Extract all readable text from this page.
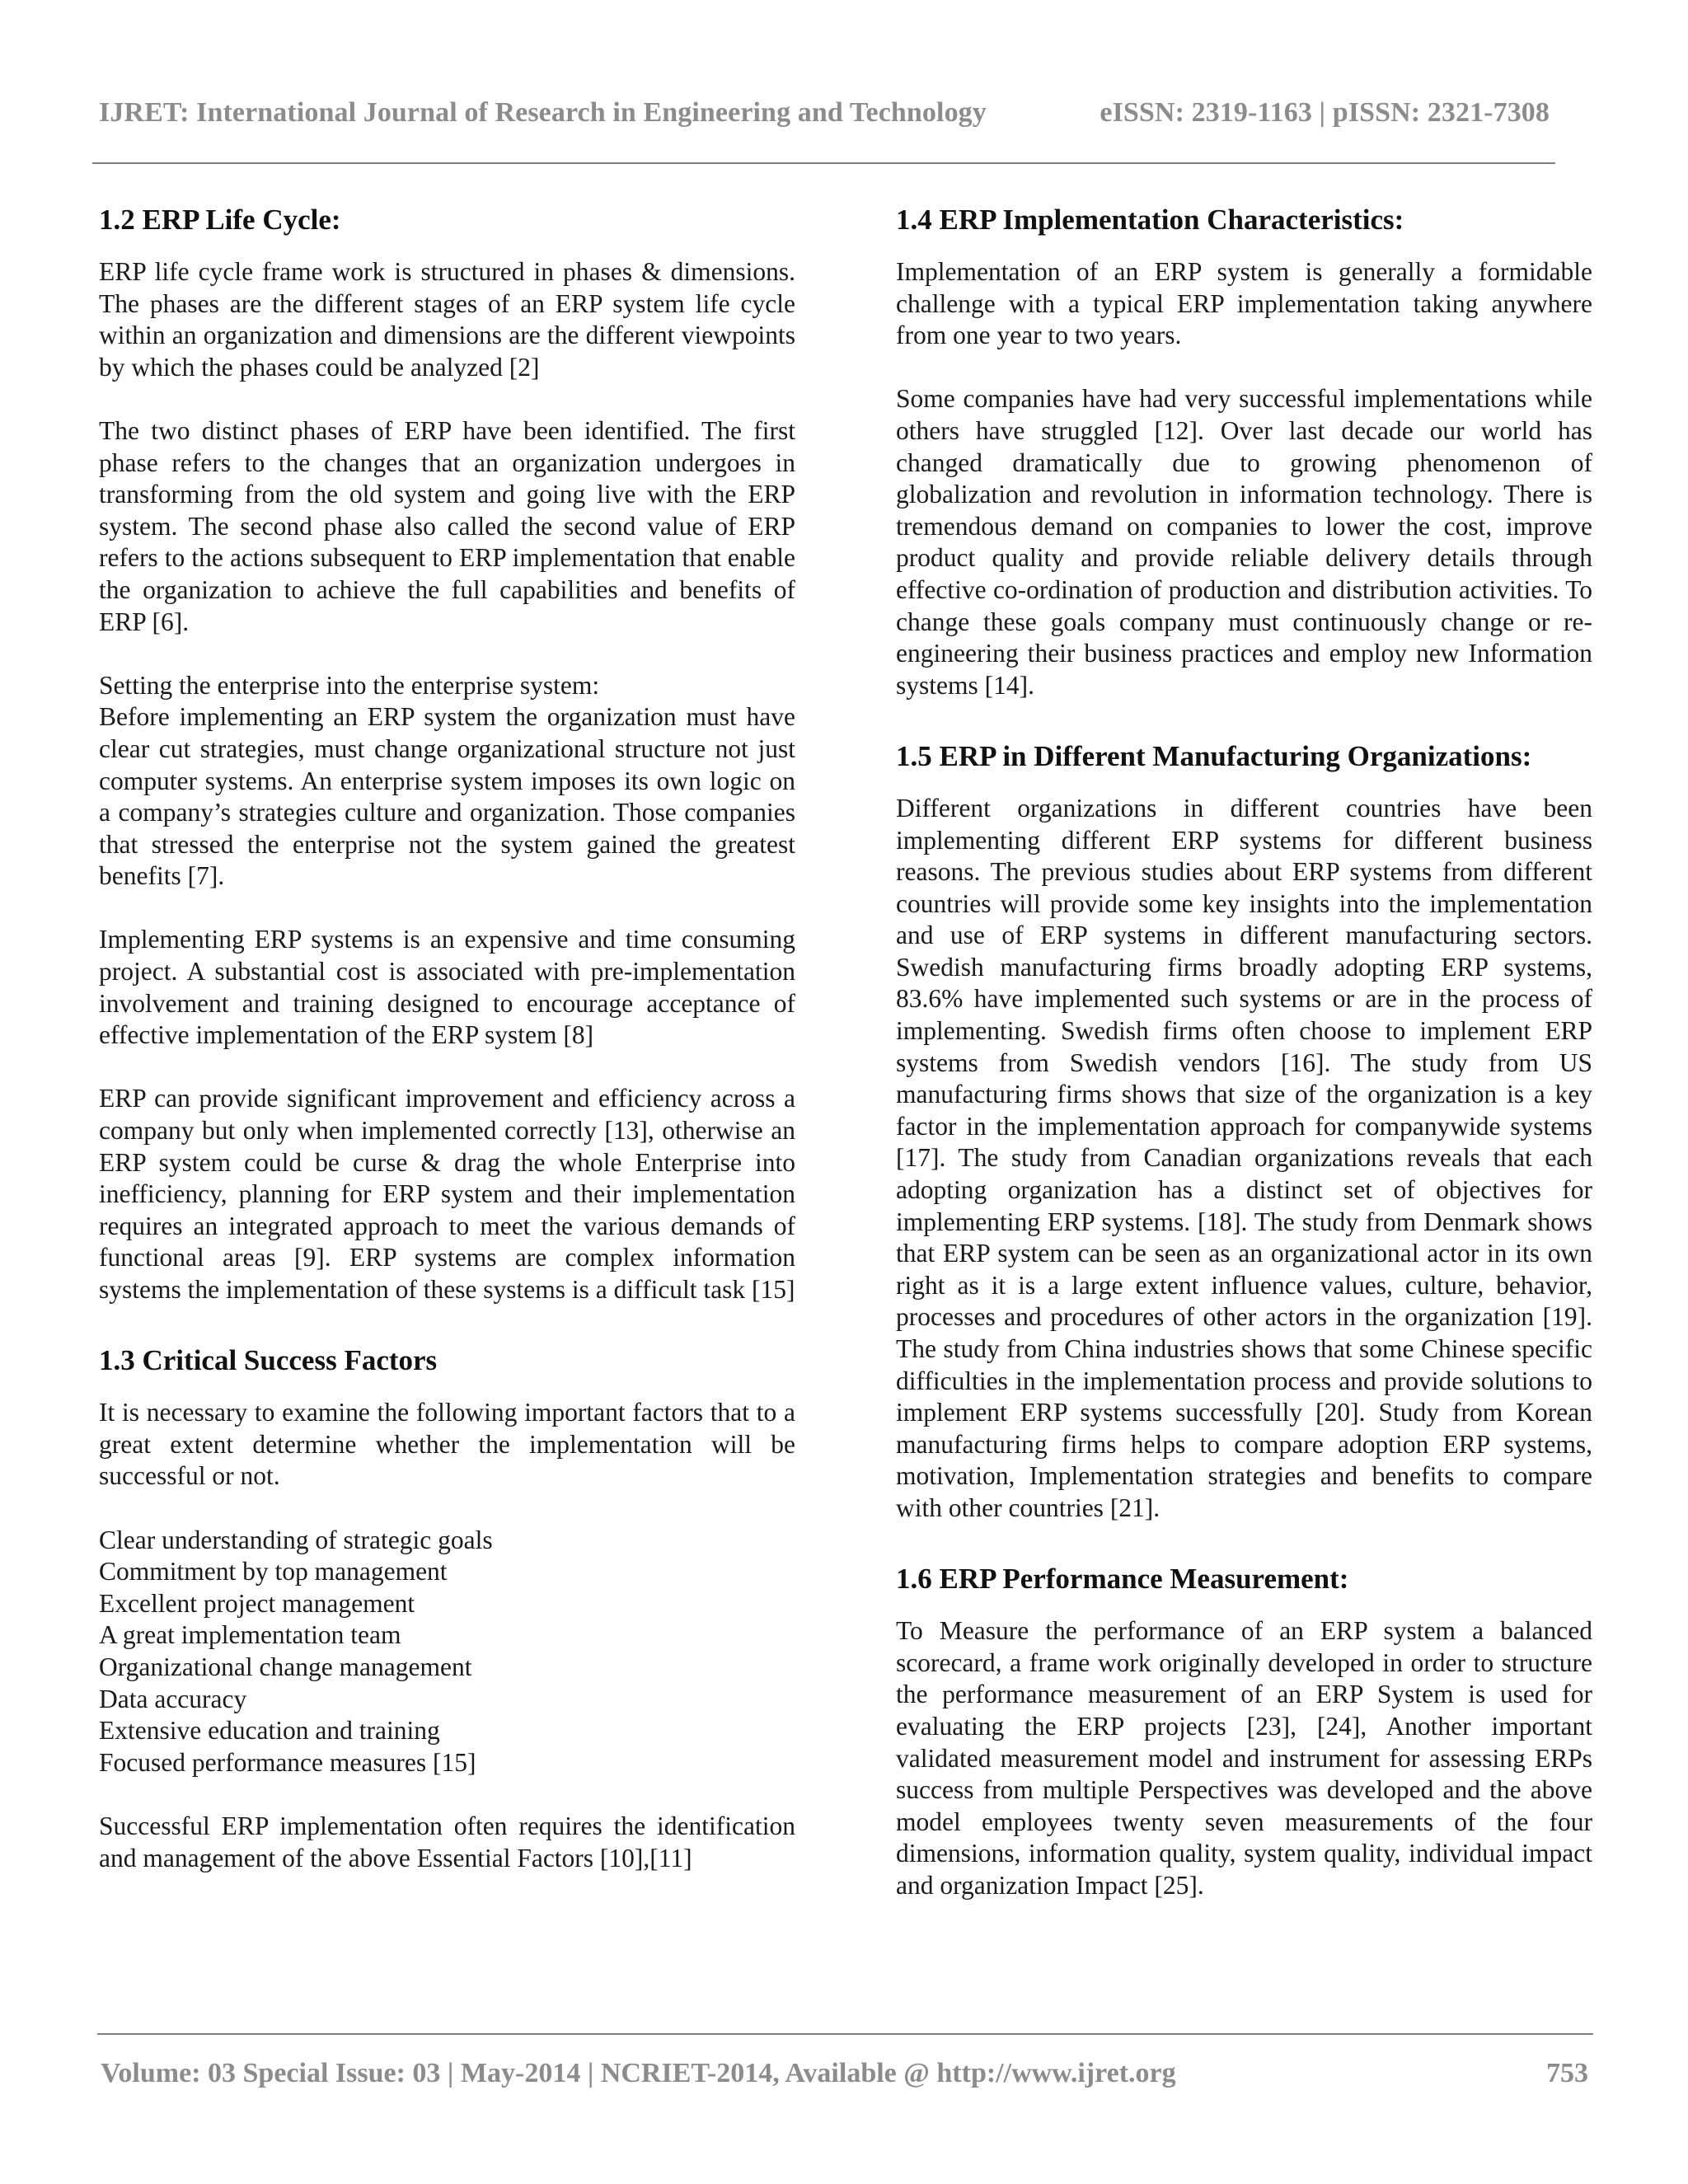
IJRET: International Journal of Research in Engineering and Technology	eISSN: 2319-1163 | pISSN: 2321-7308
1.2 ERP Life Cycle:

ERP life cycle frame work is structured in phases & dimensions. The phases are the different stages of an ERP system life cycle within an organization and dimensions are the different viewpoints by which the phases could be analyzed [2]

The two distinct phases of ERP have been identified. The first phase refers to the changes that an organization undergoes in transforming from the old system and going live with the ERP system. The second phase also called the second value of ERP refers to the actions subsequent to ERP implementation that enable the organization to achieve the full capabilities and benefits of ERP [6].

Setting the enterprise into the enterprise system:

Before implementing an ERP system the organization must have clear cut strategies, must change organizational structure not just computer systems. An enterprise system imposes its own logic on a company’s strategies culture and organization. Those companies that stressed the enterprise not the system gained the greatest benefits [7].

Implementing ERP systems is an expensive and time consuming project. A substantial cost is associated with pre-implementation involvement and training designed to encourage acceptance of effective implementation of the ERP system [8]

ERP can provide significant improvement and efficiency across a company but only when implemented correctly [13], otherwise an ERP system could be curse & drag the whole Enterprise into inefficiency, planning for ERP system and their implementation requires an integrated approach to meet the various demands of functional areas [9]. ERP systems are complex information systems the implementation of these systems is a difficult task [15]

1.3 Critical Success Factors

It is necessary to examine the following important factors that to a great extent determine whether the implementation will be successful or not.

Clear understanding of strategic goals
Commitment by top management
Excellent project management
A great implementation team
Organizational change management
Data accuracy
Extensive education and training
Focused performance measures [15]

Successful ERP implementation often requires the identification and management of the above Essential Factors [10],[11]

1.4 ERP Implementation Characteristics:

Implementation of an ERP system is generally a formidable challenge with a typical ERP implementation taking anywhere from one year to two years.

Some companies have had very successful implementations while others have struggled [12]. Over last decade our world has changed dramatically due to growing phenomenon of globalization and revolution in information technology. There is tremendous demand on companies to lower the cost, improve product quality and provide reliable delivery details through effective co-ordination of production and distribution activities. To change these goals company must continuously change or re-engineering their business practices and employ new Information systems [14].

1.5 ERP in Different Manufacturing Organizations:

Different organizations in different countries have been implementing different ERP systems for different business reasons. The previous studies about ERP systems from different countries will provide some key insights into the implementation and use of ERP systems in different manufacturing sectors. Swedish manufacturing firms broadly adopting ERP systems, 83.6% have implemented such systems or are in the process of implementing. Swedish firms often choose to implement ERP systems from Swedish vendors [16]. The study from US manufacturing firms shows that size of the organization is a key factor in the implementation approach for companywide systems [17]. The study from Canadian organizations reveals that each adopting organization has a distinct set of objectives for implementing ERP systems. [18]. The study from Denmark shows that ERP system can be seen as an organizational actor in its own right as it is a large extent influence values, culture, behavior, processes and procedures of other actors in the organization [19]. The study from China industries shows that some Chinese specific difficulties in the implementation process and provide solutions to implement ERP systems successfully [20]. Study from Korean manufacturing firms helps to compare adoption ERP systems, motivation, Implementation strategies and benefits to compare with other countries [21].

1.6 ERP Performance Measurement:

To Measure the performance of an ERP system a balanced scorecard, a frame work originally developed in order to structure the performance measurement of an ERP System is used for evaluating the ERP projects [23], [24], Another important validated measurement model and instrument for assessing ERPs success from multiple Perspectives was developed and the above model employees twenty seven measurements of the four dimensions, information quality, system quality, individual impact and organization Impact [25].

Volume: 03 Special Issue: 03 | May-2014 | NCRIET-2014, Available @ http://www.ijret.org	753
